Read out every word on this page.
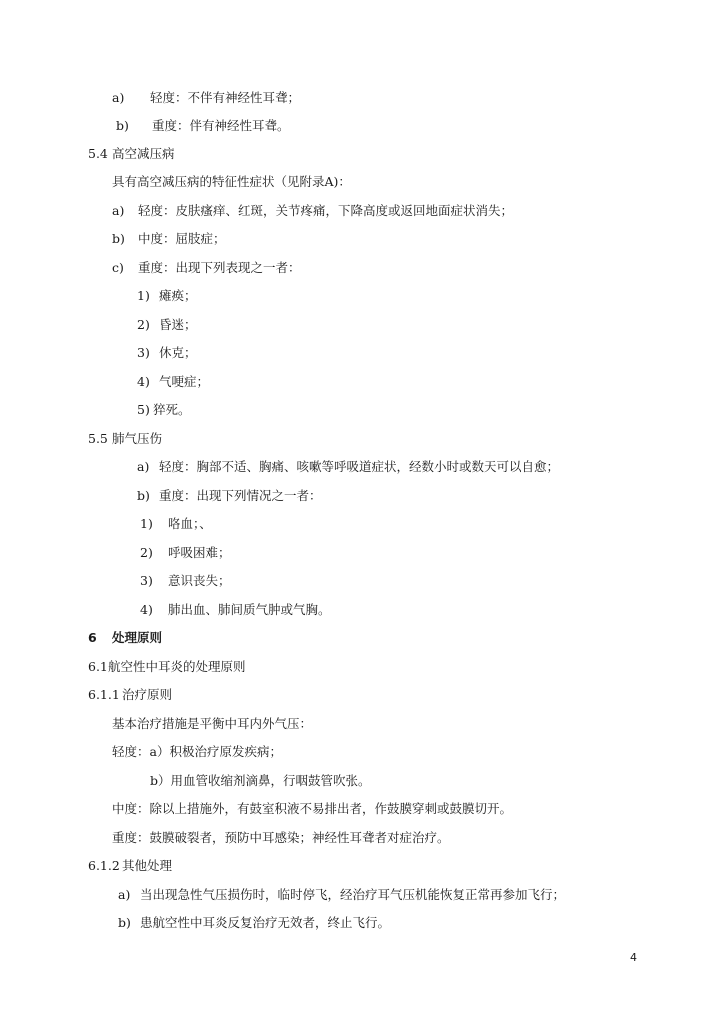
a) 轻度：不伴有神经性耳聋；
b) 重度：伴有神经性耳聋。
5.4 高空减压病
具有高空减压病的特征性症状（见附录A)：
a) 轻度：皮肤瘙痒、红斑，关节疼痛，下降高度或返回地面症状消失；
b) 中度：屈肢症；
c) 重度：出现下列表现之一者：
1) 瘫痪；
2) 昏迷；
3) 休克；
4) 气哽症；
5) 猝死。
5.5 肺气压伤
a) 轻度：胸部不适、胸痛、咳嗽等呼吸道症状，经数小时或数天可以自愈；
b) 重度：出现下列情况之一者：
1) 咯血；、
2) 呼吸困难；
3) 意识丧失；
4) 肺出血、肺间质气肿或气胸。
6 处理原则
6.1航空性中耳炎的处理原则
6.1.1 治疗原则
基本治疗措施是平衡中耳内外气压：
轻度：a）积极治疗原发疾病；
b）用血管收缩剂滴鼻，行咽鼓管吹张。
中度：除以上措施外，有鼓室积液不易排出者，作鼓膜穿刺或鼓膜切开。
重度：鼓膜破裂者，预防中耳感染；神经性耳聋者对症治疗。
6.1.2 其他处理
a) 当出现急性气压损伤时，临时停飞，经治疗耳气压机能恢复正常再参加飞行；
b) 患航空性中耳炎反复治疗无效者，终止飞行。
4
